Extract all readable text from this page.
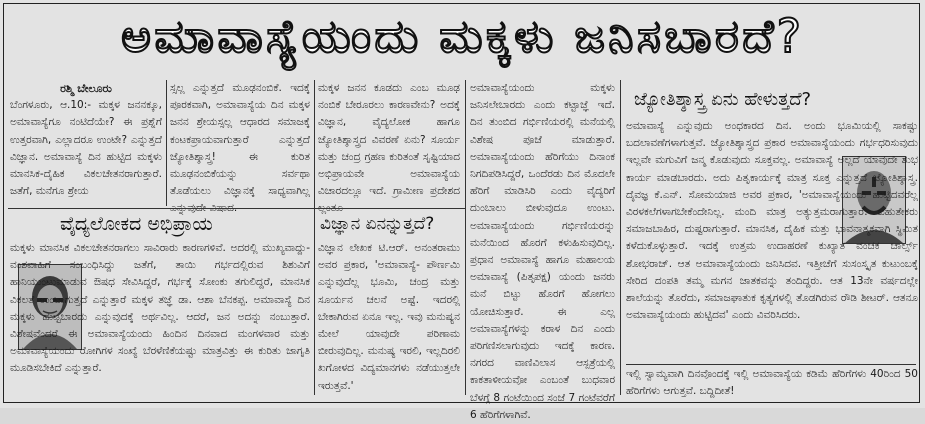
ಅಮಾವಾಸ್ಯೆಯಂದು ಮಕ್ಕಳು ಜನಿಸಬಾರದೆ?
ರಶ್ಮಿ ಬೇಲೂರು

ಬೆಂಗಳೂರು, ಆ.10:- ಮಕ್ಕಳ ಜನನಕ್ಕೂ, ಅಮಾವಾಸ್ಯೆಗೂ ನಂಟಿದೆಯೇ? ಈ ಪ್ರಶ್ನೆಗೆ ಉತ್ತರವಾಗಿ, ಎಲ್ಲಾದರೂ ಉಂಟೇ? ಎನ್ನುತ್ತದೆ ವಿಜ್ಞಾನ. ಅಮಾವಾಸ್ಯೆ ದಿನ ಹುಟ್ಟಿದ ಮಕ್ಕಳು ಮಾನಸಿಕ-ದೈಹಿಕ ವಿಕಲಚೇತನರಾಗುತ್ತಾರೆ. ಜತೆಗೆ, ಮನೆಗೂ ಶ್ರೇಯ

ಸ್ಸಲ್ಲ ಎನ್ನುತ್ತದೆ ಮೂಢನಂಬಿಕೆ. ಇದಕ್ಕೆ ಪೂರಕವಾಗಿ, ಅಮಾವಾಸ್ಯೆಯ ದಿನ ಮಕ್ಕಳ ಜನನ ಶ್ರೇಯಸ್ಸಲ್ಲ ಆಧಾರದ ಸಮಾಜಕ್ಕೆ ಕಂಟಕಪ್ರಾಯವಾಗುತ್ತಾರೆ ಎನ್ನುತ್ತದೆ ಜ್ಯೋತಿಶ್ಶಾಸ್ತ್ರ! ಈ ಕುರಿತ ಮೂಢನಂಬಿಕೆಯನ್ನು ಸರ್ವಥಾ ತೊಡೆಯಲು ವಿಜ್ಞಾನಕ್ಕೆ ಸಾಧ್ಯವಾಗಿಲ್ಲ ಎನ್ನುವುದೇ ವಿಷಾದ.

ಮಕ್ಕಳ ಜನನ ಕೂಡದು ಎಂಬ ಮೂಢ ನಂಬಿಕೆ ಬೇರೂರಲು ಕಾರಣವೇನು? ಅದಕ್ಕೆ ವಿಜ್ಞಾನ, ವೈದ್ಯಲೋಕ ಹಾಗೂ ಜ್ಯೋತಿಶ್ಶಾಸ್ತ್ರದ ವಿವರಣೆ ಏನು? ಸೂರ್ಯ ಮತ್ತು ಚಂದ್ರ ಗ್ರಹಣ ಕುರಿತಂತೆ ಸೃಷ್ಟಿಯಾದ ಅಭಿಪ್ರಾಯವೇ ಅಮಾವಾಸ್ಯೆಯ ವಿಚಾರದಲ್ಲೂ ಇದೆ. ಗ್ರಾಮೀಣ ಪ್ರದೇಶದ ಲ್ಲಂತೂ

ಅಮಾವಾಸ್ಯೆಯಂದು ಮಕ್ಕಳು ಜನಿಸಲೇಬಾರದು ಎಂದು ಕಟ್ಟಾಜ್ಞೆ ಇದೆ. ದಿನ ತುಂಬಿದ ಗರ್ಭಿಣಿಯರಲ್ಲಿ ಮನೆಯಲ್ಲಿ ವಿಶೇಷ ಪೂಜೆ ಮಾಡುತ್ತಾರೆ. ಅಮಾವಾಸ್ಯೆಯಂದು ಹೆರಿಗೆಯು ದಿನಾಂಕ ನಿಗದಿಪಡಿಸಿದ್ದರೆ, ಒಂದೆರಡು ದಿನ ಮೊದಲೇ ಹೆರಿಗೆ ಮಾಡಿಸಿರಿ ಎಂದು ವೈದ್ಯರಿಗೆ ದುಂಬಾಲು ಬೀಳುವುದೂ ಉಂಟು. ಅಮಾವಾಸ್ಯೆಯಂದು ಗರ್ಭಿಣಿಯರನ್ನು ಮನೆಯಿಂದ ಹೊರಗೆ ಕಳುಹಿಸುವುದಿಲ್ಲ. ಪ್ರಧಾನ ಅಮಾವಾಸ್ಯೆ ಹಾಗೂ ಮಹಾಲಯ ಅಮಾವಾಸ್ಯೆ (ಪಿತೃಪಕ್ಷ) ಯಂದು ಜನರು ಮನೆ ಬಿಟ್ಟು ಹೊರಗೆ ಹೋಗಲು ಯೋಚಿಸುತ್ತಾರೆ. ಈ ಎಲ್ಲ ಅಮಾವಾಸ್ಯೆಗಳನ್ನು ಕರಾಳ ದಿನ ಎಂದು ಪರಿಗಣಿಸಲಾಗುವುದು ಇದಕ್ಕೆ ಕಾರಣ. ನಗರದ ವಾಣಿವಿಲಾಸ ಆಸ್ಪತ್ರೆಯಲ್ಲಿ ಕಾಕತಾಳೀಯವೋ ಎಂಬಂತೆ ಬುಧವಾರ ಬೆಳಗ್ಗೆ 8 ಗಂಟೆಯಿಂದ ಸಂಜೆ 7 ಗಂಟೆವರೆಗೆ 6 ಹೆರಿಗೆಗಳಾಗಿವೆ.

ವೈದ್ಯಲೋಕದ ಅಭಿಪ್ರಾಯ

ಮಕ್ಕಳು ಮಾನಸಿಕ ವಿಕಲಚೇತನರಾಗಲು ಸಾವಿರಾರು ಕಾರಣಗಳಿವೆ. ಅದರಲ್ಲಿ ಮುಖ್ಯವಾದ್ದು- ವಂಶವಾಹಿಗೆ ಸಂಬಂಧಿಸಿದ್ದು ಜತೆಗೆ, ತಾಯಿ ಗರ್ಭದಲ್ಲಿರುವ ಶಿಶುವಿಗೆ ಹಾನಿಯುಂಟುಮಾಡುವ ಔಷಧ ಸೇವಿಸಿದ್ದರೆ, ಗರ್ಭಕ್ಕೆ ಸೋಂಕು ತಗುಲಿದ್ದರೆ, ಮಾನಸಿಕ ವಿಕಲತೆ ಉಂಟಾಗುತ್ತದೆ ಎನ್ನುತ್ತಾರೆ ಮಕ್ಕಳ ತಜ್ಞೆ ಡಾ. ಆಶಾ ಬೆನಕಪ್ಪ. ಅಮಾವಾಸ್ಯೆ ದಿನ ಮಕ್ಕಳು ಹುಟ್ಟಬಾರದು ಎನ್ನುವುದಕ್ಕೆ ಅರ್ಥವಿಲ್ಲ. ಆದರೆ, ಜನ ಅದನ್ನು ನಂಬುತ್ತಾರೆ. ವಿಶೇಷವೆಂದರೆ ಈ ಅಮಾವಾಸ್ಯೆಯಂದು ಹಿಂದಿನ ದಿನವಾದ ಮಂಗಳವಾರ ಮತ್ತು ಅಮಾವಾಸ್ಯೆಯಂದು ರೋಗಿಗಳ ಸಂಖ್ಯೆ ಬೆರಳೆಣಿಕೆಯಷ್ಟು ಮಾತ್ರವಿತ್ತು ಈ ಕುರಿತು ಜಾಗೃತಿ ಮೂಡಿಸಬೇಕಿದೆ ಎನ್ನುತ್ತಾರೆ.

ವಿಜ್ಞಾನ ಏನನ್ನುತ್ತದೆ?

ವಿಜ್ಞಾನ ಲೇಖಕ ಟಿ.ಆರ್. ಅನಂತರಾಮು ಅವರ ಪ್ರಕಾರ, 'ಅಮಾವಾಸ್ಯೆ- ಪೌರ್ಣಮಿ ಎನ್ನುವುದೆಲ್ಲ ಭೂಮಿ, ಚಂದ್ರ ಮತ್ತು ಸೂರ್ಯನ ಚಲನೆ ಅಷ್ಟೆ. ಇದರಲ್ಲಿ ಬೇಕಾಗಿರುವ ಏನೂ ಇಲ್ಲ. ಇವು ಮನುಷ್ಯನ ಮೇಲೆ ಯಾವುದೇ ಪರಿಣಾಮ ಬೀರುವುದಿಲ್ಲ. ಮನುಷ್ಯ ಇರಲಿ, ಇಲ್ಲದಿರಲಿ ಖಗೋಳದ ವಿದ್ಯಮಾನಗಳು ನಡೆಯುತ್ತಲೇ ಇರುತ್ತವೆ.'

ಜ್ಯೋತಿಶ್ಶಾಸ್ತ್ರ ಏನು ಹೇಳುತ್ತದೆ?

ಅಮಾವಾಸ್ಯೆ ಎನ್ನುವುದು ಅಂಧಕಾರದ ದಿನ. ಅಂದು ಭೂಮಿಯಲ್ಲಿ ಸಾಕಷ್ಟು ಬದಲಾವಣೆಗಳಾಗುತ್ತವೆ. ಜ್ಯೋತಿಶ್ಶಾಸ್ತ್ರದ ಪ್ರಕಾರ ಅಮಾವಾಸ್ಯೆಯಂದು ಗರ್ಭಧರಿಸುವುದು ಇಲ್ಲವೇ ಮಗುವಿಗೆ ಜನ್ಮ ಕೊಡುವುದು ಸೂಕ್ತವಲ್ಲ. ಅಮಾವಾಸ್ಯೆ ಅಲ್ಲದೆ ಯಾವುದೇ ಶುಭ ಕಾರ್ಯ ಮಾಡಬಾರದು. ಅದು ಪಿತೃಕಾರ್ಯಕ್ಕೆ ಮಾತ್ರ ಸೂಕ್ತ ಎನ್ನುತ್ತದೆ ಜ್ಯೋತಿಶ್ಶಾಸ್ತ್ರ. ದೈವಜ್ಞ ಕೆ.ಎನ್. ಸೋಮಯಾಜಿ ಅವರ ಪ್ರಕಾರ, 'ಅಮಾವಾಸ್ಯೆಯಂದು ಹುಟ್ಟಿದವರೆಲ್ಲ ವಿರಳಕಲೆಗಳಾಗಬೇಕೆಂದೇನಿಲ್ಲ. ಮಂದಿ ಮಾತ್ರ ಅತ್ಯುತ್ತಮರಾಗುತ್ತಾರೆ. ಬಹುತೇಕರು ಸಮಾಜಬಾಹಿರ, ದುಷ್ಟರಾಗುತ್ತಾರೆ. ಮಾನಸಿಕ, ದೈಹಿಕ ಮತ್ತು ಭಾವನಾತ್ಮಕವಾಗಿ ಸ್ಥಿಮಿತ ಕಳೆದುಕೊಳ್ಳುತ್ತಾರೆ. ಇದಕ್ಕೆ ಉತ್ತಮ ಉದಾಹರಣೆ ಕುಖ್ಯಾತ ವಂಚಕ ಚಾರ್ಲ್ಸ್ ಶೋಭರಾಜ್. ಆತ ಅಮಾವಾಸ್ಯೆಯಂದು ಜನಿಸಿದವ. ಇತ್ತೀಚೆಗೆ ಸುಸಂಸ್ಕೃತ ಕುಟುಂಬಕ್ಕೆ ಸೇರಿದ ದಂಪತಿ ತಮ್ಮ ಮಗನ ಜಾತಕವನ್ನು ತಂದಿದ್ದರು. ಆತ 13ನೇ ವರ್ಷದಲ್ಲೇ ಶಾಲೆಯನ್ನು ತೊರೆದು, ಸಮಾಜಘಾತುಕ ಕೃತ್ಯಗಳಲ್ಲಿ ತೊಡಗಿರುವ ರೌಡಿ ಶೀಟರ್. ಆತನೂ ಅಮಾವಾಸ್ಯೆಯಂದು ಹುಟ್ಟಿದವ' ಎಂದು ವಿವರಿಸಿದರು.

ಇಲ್ಲಿ ಸ್ವಾಮ್ಯವಾಗಿ ದಿನವೊಂದಕ್ಕೆ ಇಲ್ಲಿ ಅಮಾವಾಸ್ಯೆಯ ಕಡಿಮೆ ಹೆರಿಗೆಗಳು 40ರಿಂದ 50 ಹೆರಿಗೆಗಳು ಆಗುತ್ತವೆ. ಬದ್ದಿದೀತೆ!
